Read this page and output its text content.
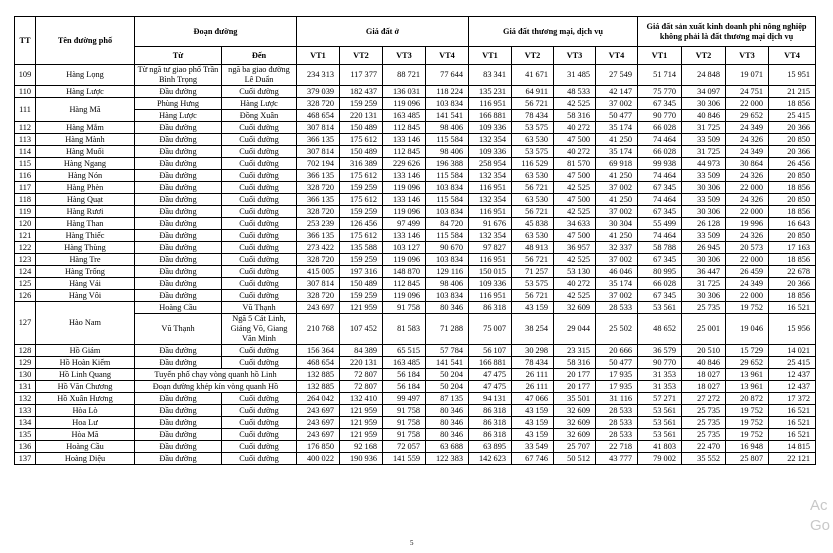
TT	Tên đường phố	Đoạn đường		Giá đất ở				Giá đất thương mại, dịch vụ				Giá đất sản xuất kinh doanh phi nông nghiệp không phải là đất thương mại dịch vụ			
		Từ	Đến												
				VT1	VT2	VT3	VT4	VT1	VT2	VT3	VT4	VT1	VT2	VT3	VT4
109	Hàng Lọng	Từ ngã tư giao phố Trần Bình Trọng	ngã ba giao đường Lê Duẩn	234 313	117 377	88 721	77 644	83 341	41 671	31 485	27 549	51 714	24 848	19 071	15 951
110	Hàng Lược	Đầu đường	Cuối đường	379 039	182 437	136 031	118 224	135 231	64 911	48 533	42 147	75 770	34 097	24 751	21 215
111	Hàng Mã	Phùng Hưng	Hàng Lược	328 720	159 259	119 096	103 834	116 951	56 721	42 525	37 002	67 345	30 306	22 000	18 856
		Hàng Lược	Đồng Xuân	468 654	220 131	163 485	141 541	166 881	78 434	58 316	50 477	90 770	40 846	29 652	25 415
112	Hàng Mắm	Đầu đường	Cuối đường	307 814	150 489	112 845	98 406	109 336	53 575	40 272	35 174	66 028	31 725	24 349	20 366
113	Hàng Mành	Đầu đường	Cuối đường	366 135	175 612	133 146	115 584	132 354	63 530	47 500	41 250	74 464	33 509	24 326	20 850
114	Hàng Muối	Đầu đường	Cuối đường	307 814	150 489	112 845	98 406	109 336	53 575	40 272	35 174	66 028	31 725	24 349	20 366
115	Hàng Ngang	Đầu đường	Cuối đường	702 194	316 389	229 626	196 388	258 954	116 529	81 570	69 918	99 938	44 973	30 864	26 456
116	Hàng Nón	Đầu đường	Cuối đường	366 135	175 612	133 146	115 584	132 354	63 530	47 500	41 250	74 464	33 509	24 326	20 850
117	Hàng Phèn	Đầu đường	Cuối đường	328 720	159 259	119 096	103 834	116 951	56 721	42 525	37 002	67 345	30 306	22 000	18 856
118	Hàng Quạt	Đầu đường	Cuối đường	366 135	175 612	133 146	115 584	132 354	63 530	47 500	41 250	74 464	33 509	24 326	20 850
119	Hàng Rươi	Đầu đường	Cuối đường	328 720	159 259	119 096	103 834	116 951	56 721	42 525	37 002	67 345	30 306	22 000	18 856
120	Hàng Than	Đầu đường	Cuối đường	253 239	126 456	97 499	84 720	91 676	45 838	34 633	30 304	55 499	26 128	19 996	16 643
121	Hàng Thiếc	Đầu đường	Cuối đường	366 135	175 612	133 146	115 584	132 354	63 530	47 500	41 250	74 464	33 509	24 326	20 850
122	Hàng Thùng	Đầu đường	Cuối đường	273 422	135 588	103 127	90 670	97 827	48 913	36 957	32 337	58 788	26 945	20 573	17 163
123	Hàng Tre	Đầu đường	Cuối đường	328 720	159 259	119 096	103 834	116 951	56 721	42 525	37 002	67 345	30 306	22 000	18 856
124	Hàng Trống	Đầu đường	Cuối đường	415 005	197 316	148 870	129 116	150 015	71 257	53 130	46 046	80 995	36 447	26 459	22 678
125	Hàng Vải	Đầu đường	Cuối đường	307 814	150 489	112 845	98 406	109 336	53 575	40 272	35 174	66 028	31 725	24 349	20 366
126	Hàng Vôi	Đầu đường	Cuối đường	328 720	159 259	119 096	103 834	116 951	56 721	42 525	37 002	67 345	30 306	22 000	18 856
127	Hào Nam	Hoàng Cầu	Vũ Thạnh	243 697	121 959	91 758	80 346	86 318	43 159	32 609	28 533	53 561	25 735	19 752	16 521
		Vũ Thạnh	Ngã 5 Cát Linh, Giảng Võ, Giang Văn Minh	210 768	107 452	81 583	71 288	75 007	38 254	29 044	25 502	48 652	25 001	19 046	15 956
128	Hồ Giám	Đầu đường	Cuối đường	156 364	84 389	65 515	57 784	56 107	30 298	23 315	20 666	36 579	20 510	15 729	14 021
129	Hồ Hoàn Kiếm	Đầu đường	Cuối đường	468 654	220 131	163 485	141 541	166 881	78 434	58 316	50 477	90 770	40 846	29 652	25 415
130	Hồ Linh Quang	Tuyến phố chạy vòng quanh hồ Linh		132 885	72 807	56 184	50 204	47 475	26 111	20 177	17 935	31 353	18 027	13 961	12 437
131	Hồ Văn Chương	Đoạn đường khép kín vòng quanh Hồ		132 885	72 807	56 184	50 204	47 475	26 111	20 177	17 935	31 353	18 027	13 961	12 437
132	Hồ Xuân Hương	Đầu đường	Cuối đường	264 042	132 410	99 497	87 135	94 131	47 066	35 501	31 116	57 271	27 272	20 872	17 372
133	Hòa Lò	Đầu đường	Cuối đường	243 697	121 959	91 758	80 346	86 318	43 159	32 609	28 533	53 561	25 735	19 752	16 521
134	Hoa Lư	Đầu đường	Cuối đường	243 697	121 959	91 758	80 346	86 318	43 159	32 609	28 533	53 561	25 735	19 752	16 521
135	Hòa Mã	Đầu đường	Cuối đường	243 697	121 959	91 758	80 346	86 318	43 159	32 609	28 533	53 561	25 735	19 752	16 521
136	Hoàng Cầu	Đầu đường	Cuối đường	176 850	92 168	72 057	63 688	63 895	33 549	25 707	22 718	41 803	22 470	16 948	14 815
137	Hoàng Diệu	Đầu đường	Cuối đường	400 022	190 936	141 559	122 383	142 623	67 746	50 512	43 777	79 002	35 552	25 807	22 121
5
Ac
Go
